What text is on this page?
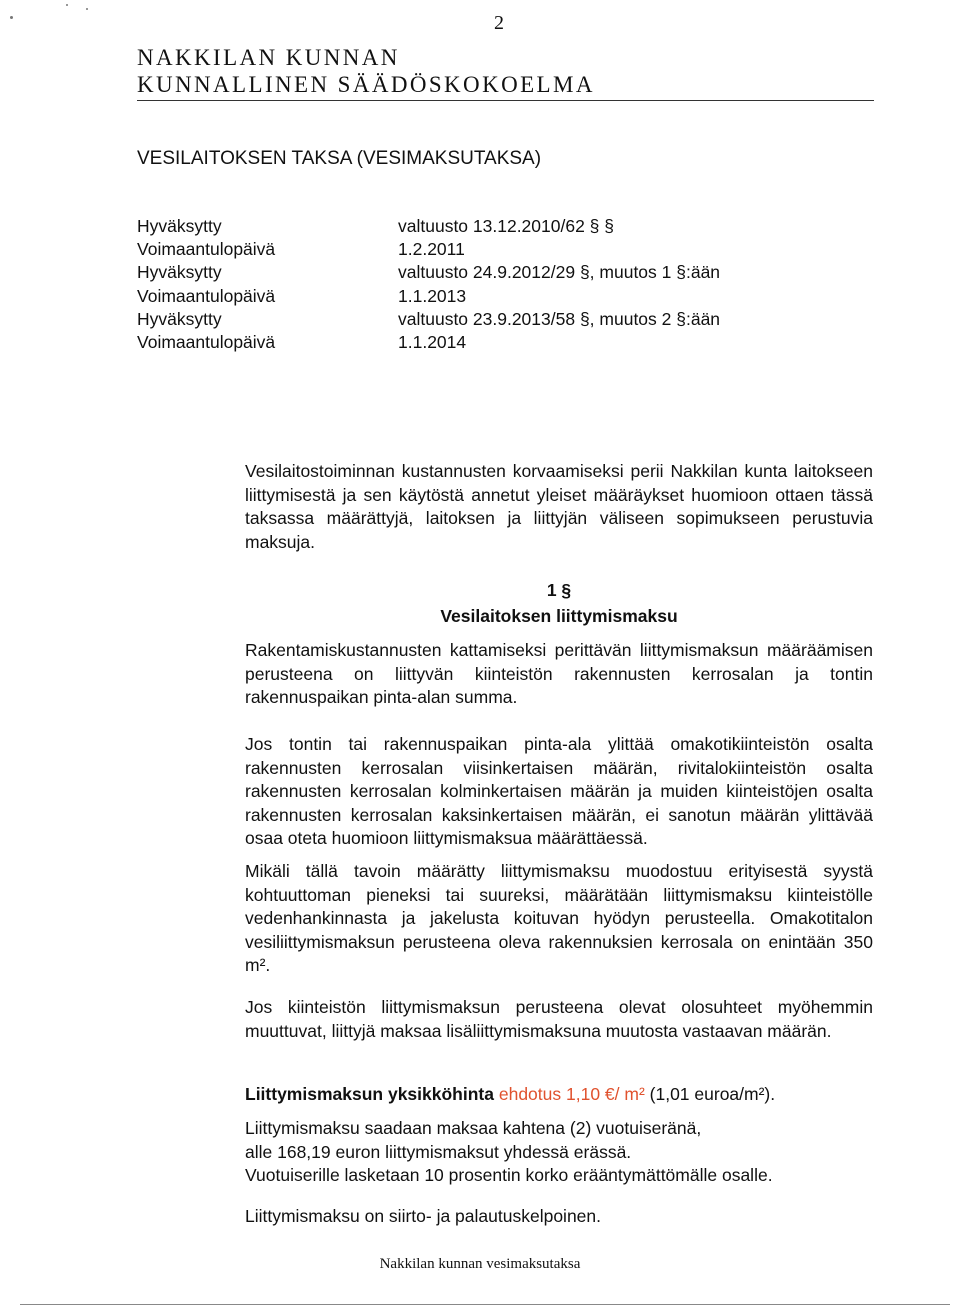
2
NAKKILAN KUNNAN
KUNNALLINEN SÄÄDÖSKOKOELMA
VESILAITOKSEN TAKSA (VESIMAKSUTAKSA)
Hyväksytty	valtuusto 13.12.2010/62 § §
Voimaantulopäivä	1.2.2011
Hyväksytty	valtuusto 24.9.2012/29 §, muutos 1 §:ään
Voimaantulopäivä	1.1.2013
Hyväksytty	valtuusto 23.9.2013/58 §, muutos 2 §:ään
Voimaantulopäivä	1.1.2014

Vesilaitostoiminnan kustannusten korvaamiseksi perii Nakkilan kunta laitokseen liittymisestä ja sen käytöstä annetut yleiset määräykset huomioon ottaen tässä taksassa määrättyjä, laitoksen ja liittyjän väliseen sopimukseen perustuvia maksuja.

1 §
Vesilaitoksen liittymismaksu

Rakentamiskustannusten kattamiseksi perittävän liittymismaksun määräämisen perusteena on liittyvän kiinteistön rakennusten kerrosalan ja tontin rakennuspaikan pinta-alan summa.

Jos tontin tai rakennuspaikan pinta-ala ylittää omakotikiinteistön osalta rakennusten kerrosalan viisinkertaisen määrän, rivitalokiinteistön osalta rakennusten kerrosalan kolminkertaisen määrän ja muiden kiinteistöjen osalta rakennusten kerrosalan kaksinkertaisen määrän, ei sanotun määrän ylittävää osaa oteta huomioon liittymismaksua määrättäessä.

Mikäli tällä tavoin määrätty liittymismaksu muodostuu erityisestä syystä kohtuuttoman pieneksi tai suureksi, määrätään liittymismaksu kiinteistölle vedenhankinnasta ja jakelusta koituvan hyödyn perusteella. Omakotitalon vesiliittymismaksun perusteena oleva rakennuksien kerrosala on enintään 350 m².

Jos kiinteistön liittymismaksun perusteena olevat olosuhteet myöhemmin muuttuvat, liittyjä maksaa lisäliittymismaksuna muutosta vastaavan määrän.

Liittymismaksun yksikköhinta ehdotus 1,10 €/ m² (1,01 euroa/m²).
Liittymismaksu saadaan maksaa kahtena (2) vuotuiseränä,
alle 168,19 euron liittymismaksut yhdessä erässä.
Vuotuiserille lasketaan 10 prosentin korko erääntymättömälle osalle.
Liittymismaksu on siirto- ja palautuskelpoinen.
Nakkilan kunnan vesimaksutaksa
